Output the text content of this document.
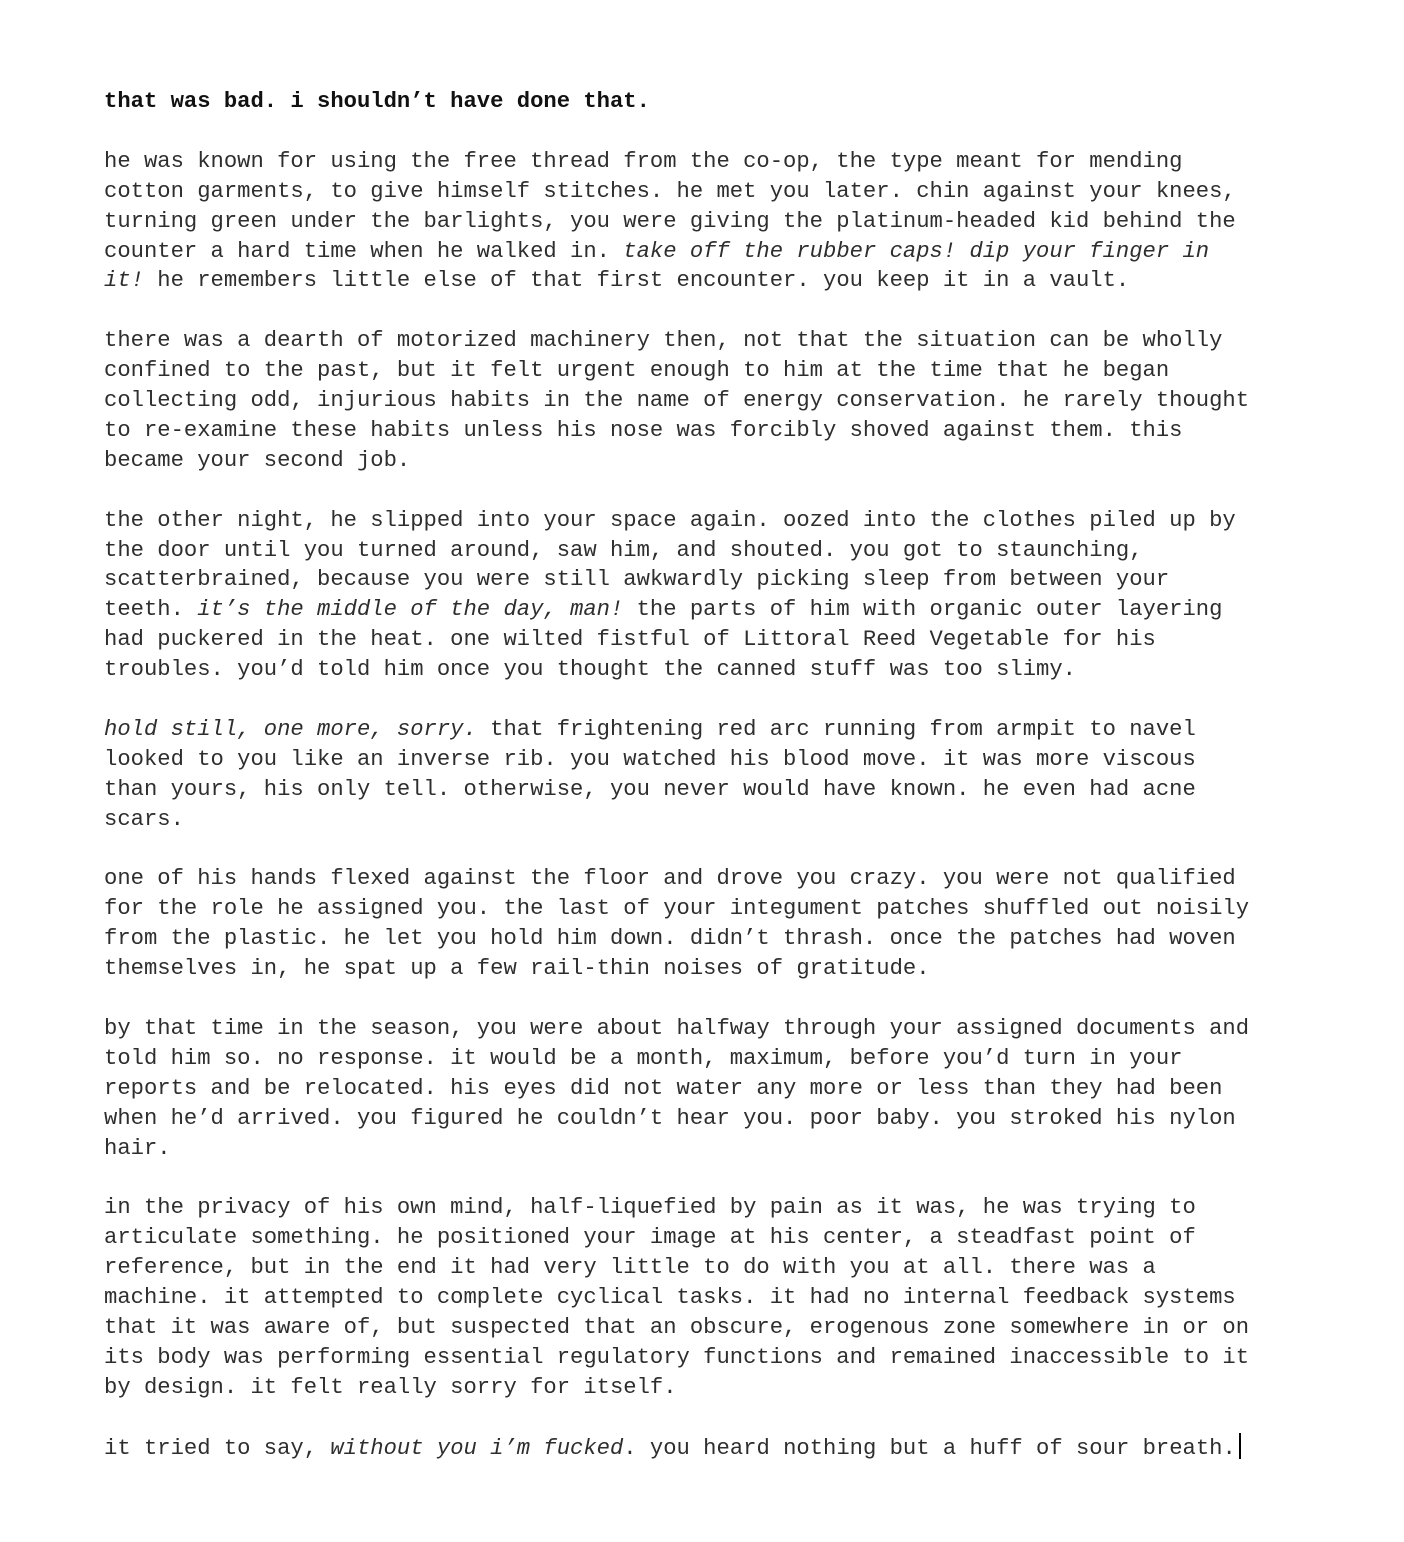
that was bad. i shouldn’t have done that.
he was known for using the free thread from the co-op, the type meant for mending
cotton garments, to give himself stitches. he met you later. chin against your knees,
turning green under the barlights, you were giving the platinum-headed kid behind the
counter a hard time when he walked in. take off the rubber caps! dip your finger in
it! he remembers little else of that first encounter. you keep it in a vault.
there was a dearth of motorized machinery then, not that the situation can be wholly
confined to the past, but it felt urgent enough to him at the time that he began
collecting odd, injurious habits in the name of energy conservation. he rarely thought
to re-examine these habits unless his nose was forcibly shoved against them. this
became your second job.
the other night, he slipped into your space again. oozed into the clothes piled up by
the door until you turned around, saw him, and shouted. you got to staunching,
scatterbrained, because you were still awkwardly picking sleep from between your
teeth. it’s the middle of the day, man! the parts of him with organic outer layering
had puckered in the heat. one wilted fistful of Littoral Reed Vegetable for his
troubles. you’d told him once you thought the canned stuff was too slimy.
hold still, one more, sorry. that frightening red arc running from armpit to navel
looked to you like an inverse rib. you watched his blood move. it was more viscous
than yours, his only tell. otherwise, you never would have known. he even had acne
scars.
one of his hands flexed against the floor and drove you crazy. you were not qualified
for the role he assigned you. the last of your integument patches shuffled out noisily
from the plastic. he let you hold him down. didn’t thrash. once the patches had woven
themselves in, he spat up a few rail-thin noises of gratitude.
by that time in the season, you were about halfway through your assigned documents and
told him so. no response. it would be a month, maximum, before you’d turn in your
reports and be relocated. his eyes did not water any more or less than they had been
when he’d arrived. you figured he couldn’t hear you. poor baby. you stroked his nylon
hair.
in the privacy of his own mind, half-liquefied by pain as it was, he was trying to
articulate something. he positioned your image at his center, a steadfast point of
reference, but in the end it had very little to do with you at all. there was a
machine. it attempted to complete cyclical tasks. it had no internal feedback systems
that it was aware of, but suspected that an obscure, erogenous zone somewhere in or on
its body was performing essential regulatory functions and remained inaccessible to it
by design. it felt really sorry for itself.
it tried to say, without you i’m fucked. you heard nothing but a huff of sour breath.
